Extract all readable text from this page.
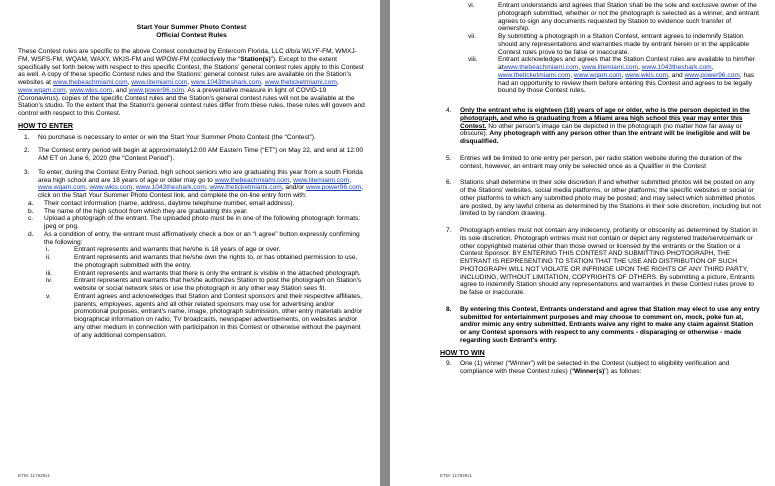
Start Your Summer Photo Contest
Official Contest Rules

These Contest rules are specific to the above Contest conducted by Entercom Florida, LLC d/b/a WLYF-FM, WMXJ-FM, WSFS-FM, WQAM, WAXY, WKIS-FM and WPOW-FM (collectively the “Station(s)”). Except to the extent specifically set forth below with respect to this specific Contest, the Stations' general contest rules apply to this Contest as well. A copy of these specific Contest rules and the Stations' general contest rules are available on the Station's websites at www.thebeachmiami.com, www.litemiami.com, www.1043theshark.com, www.theticketmiami.com, www.wqam.com, www.wkis.com, and www.power96.com. As a preventative measure in light of COVID-19 (Coronavirus), copies of the specific Contest rules and the Station's general contest rules will not be available at the Station's studio. To the extent that the Station's general contest rules differ from these rules, these rules will govern and control with respect to this Contest.

HOW TO ENTER
1. No purchase is necessary to enter or win the Start Your Summer Photo Contest (the “Contest”).
2. The Contest entry period will begin at approximately12:00 AM Eastern Time (“ET”) on May 22, and end at 12:00 AM ET on June 6, 2020 (the “Contest Period”).
3. To enter, during the Contest Entry Period, high school seniors who are graduating this year from a south Florida area high school and are 18 years of age or older may go to www.thebeachmiami.com, www.litemiami.com, www.wqam.com, www.wkis.com, www.1043theshark.com, www.theticketmiami.com, and/or www.power96.com, click on the Start Your Summer Photo Contest link, and complete the on-line entry form with:
a. Their contact information (name, address, daytime telephone number, email address).
b. The name of the high school from which they are graduating this year.
c. Upload a photograph of the entrant. The uploaded photo must be in one of the following photograph formats: jpeg or png.
d. As a condition of entry, the entrant must affirmatively check a box or an “I agree” button expressly confirming the following:
i.	Entrant represents and warrants that he/she is 18 years of age or over.
ii.	Entrant represents and warrants that he/she own the rights to, or has obtained permission to use, the photograph submitted with the entry.
iii.	Entrant represents and warrants that there is only the entrant is visible in the attached photograph.
iv.	Entrant represents and warrants that he/she authorizes Station to post the photograph on Station's website or social network sites or use the photograph in any other way Station sees fit.
v.	Entrant agrees and acknowledges that Station and Contest sponsors and their respective affiliates, parents, employees, agents and all other related sponsors may use for advertising and/or promotional purposes, entrant's name, image, photograph submission, other entry materials and/or biographical information on radio, TV broadcasts, newspaper advertisements, on websites and/or any other medium in connection with participation in this Contest or otherwise without the payment of any additional compensation.
ETM: 117829v1
vi.	Entrant understands and agrees that Station shall be the sole and exclusive owner of the photograph submitted, whether or not the photograph is selected as a winner, and entrant agrees to sign any documents requested by Station to evidence such transfer of ownership.
vii.	By submitting a photograph in a Station Contest, entrant agrees to indemnify Station should any representations and warranties made by entrant herein or in the applicable Contest rules prove to be false or inaccurate.
viii.	Entrant acknowledges and agrees that the Station Contest rules are available to him/her atwww.thebeachmiami.com, www.litemiami.com, www.1043theshark.com, www.theticketmiami.com, www.wqam.com, www.wkis.com, and www.power96.com, has had an opportunity to review them before entering this Contest and agrees to be legally bound by those Contest rules.
4. Only the entrant who is eighteen (18) years of age or older, who is the person depicted in the photograph, and who is graduating from a Miami area high school this year may enter this Contest. No other person's image can be depicted in the photograph (no matter how far away or obscure). Any photograph with any person other than the entrant will be ineligible and will be disqualified.
5. Entries will be limited to one entry per person, per radio station website during the duration of the contest, however, an entrant may only be selected once as a Qualifier in the Contest
6. Stations shall determine in their sole discretion if and whether submitted photos will be posted on any of the Stations' websites, social media platforms, or other platforms; the specific websites or social or other platforms to which any submitted photo may be posted; and may select which submitted photos are posted, by any lawful criteria as determined by the Stations in their sole discretion, including but not limited to by random drawing.
7. Photograph entries must not contain any indecency, profanity or obscenity as determined by Station in its sole discretion. Photograph entries must not contain or depict any registered trade/servicemark or other copyrighted material other than those owned or licensed by the entrants or the Station or a Contest Sponsor. BY ENTERING THIS CONTEST AND SUBMITTING PHOTOGRAPH, THE ENTRANT IS REPRESENTING TO STATION THAT THE USE AND DISTRIBUTION OF SUCH PHOTOGRAPH WILL NOT VIOLATE OR INFRINGE UPON THE RIGHTS OF ANY THIRD PARTY, INCLUDING, WITHOUT LIMITATION, COPYRIGHTS OF OTHERS. By submitting a picture, Entrants agree to indemnify Station should any representations and warranties in these Contest rules prove to be false or inaccurate.
8. By entering this Contest, Entrants understand and agree that Station may elect to use any entry submitted for entertainment purposes and may choose to comment on, mock, poke fun at, and/or mimic any entry submitted. Entrants waive any right to make any claim against Station or any Contest sponsors with respect to any comments - disparaging or otherwise - made regarding such Entrant's entry.
HOW TO WIN
9. One (1) winner (“Winner”) will be selected in the Contest (subject to eligibility verification and compliance with these Contest rules) (“Winner(s)”) as follows:
ETM: 117829v1
